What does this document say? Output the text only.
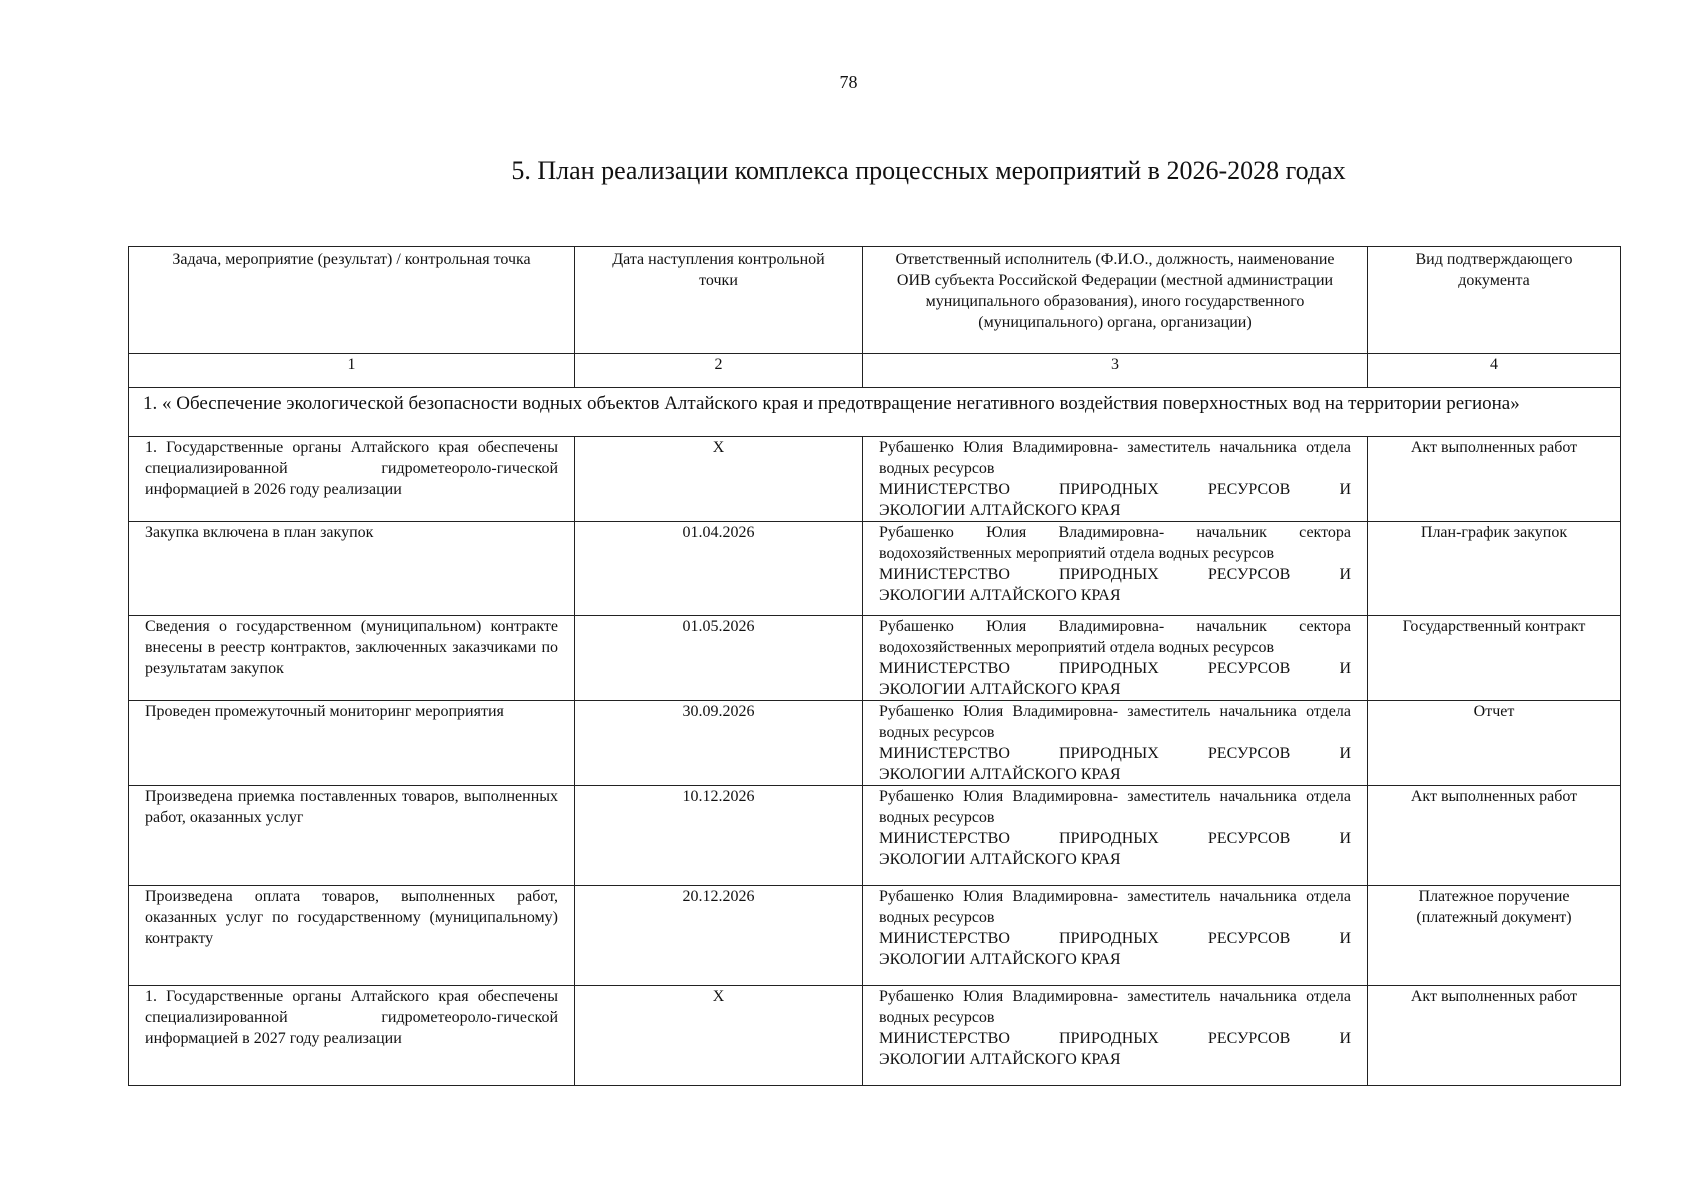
78
5. План реализации комплекса процессных мероприятий в 2026-2028 годах
Задача, мероприятие (результат) / контрольная точка	Дата наступления контрольной точки	Ответственный исполнитель (Ф.И.О., должность, наименование ОИВ субъекта Российской Федерации (местной администрации муниципального образования), иного государственного (муниципального) органа, организации)	Вид подтверждающего документа
1	2	3	4
1. « Обеспечение экологической безопасности водных объектов Алтайского края и предотвращение негативного воздействия поверхностных вод на территории региона»			
1. Государственные органы Алтайского края обеспечены специализированной гидрометеороло-гической информацией в 2026 году реализации	X	Рубашенко Юлия Владимировна- заместитель начальника отдела водных ресурсов
МИНИСТЕРСТВО ПРИРОДНЫХ РЕСУРСОВ И
ЭКОЛОГИИ АЛТАЙСКОГО КРАЯ	Акт выполненных работ
Закупка включена в план закупок	01.04.2026	Рубашенко Юлия Владимировна- начальник сектора водохозяйственных мероприятий отдела водных ресурсов
МИНИСТЕРСТВО ПРИРОДНЫХ РЕСУРСОВ И
ЭКОЛОГИИ АЛТАЙСКОГО КРАЯ	План-график закупок
Сведения о государственном (муниципальном) контракте внесены в реестр контрактов, заключенных заказчиками по результатам закупок	01.05.2026	Рубашенко Юлия Владимировна- начальник сектора водохозяйственных мероприятий отдела водных ресурсов
МИНИСТЕРСТВО ПРИРОДНЫХ РЕСУРСОВ И
ЭКОЛОГИИ АЛТАЙСКОГО КРАЯ	Государственный контракт
Проведен промежуточный мониторинг мероприятия	30.09.2026	Рубашенко Юлия Владимировна- заместитель начальника отдела водных ресурсов
МИНИСТЕРСТВО ПРИРОДНЫХ РЕСУРСОВ И
ЭКОЛОГИИ АЛТАЙСКОГО КРАЯ	Отчет
Произведена приемка поставленных товаров, выполненных работ, оказанных услуг	10.12.2026	Рубашенко Юлия Владимировна- заместитель начальника отдела водных ресурсов
МИНИСТЕРСТВО ПРИРОДНЫХ РЕСУРСОВ И
ЭКОЛОГИИ АЛТАЙСКОГО КРАЯ	Акт выполненных работ
Произведена оплата товаров, выполненных работ, оказанных услуг по государственному (муниципальному) контракту	20.12.2026	Рубашенко Юлия Владимировна- заместитель начальника отдела водных ресурсов
МИНИСТЕРСТВО ПРИРОДНЫХ РЕСУРСОВ И
ЭКОЛОГИИ АЛТАЙСКОГО КРАЯ	Платежное поручение (платежный документ)
1. Государственные органы Алтайского края обеспечены специализированной гидрометеороло-гической информацией в 2027 году реализации	X	Рубашенко Юлия Владимировна- заместитель начальника отдела водных ресурсов
МИНИСТЕРСТВО ПРИРОДНЫХ РЕСУРСОВ И
ЭКОЛОГИИ АЛТАЙСКОГО КРАЯ	Акт выполненных работ
